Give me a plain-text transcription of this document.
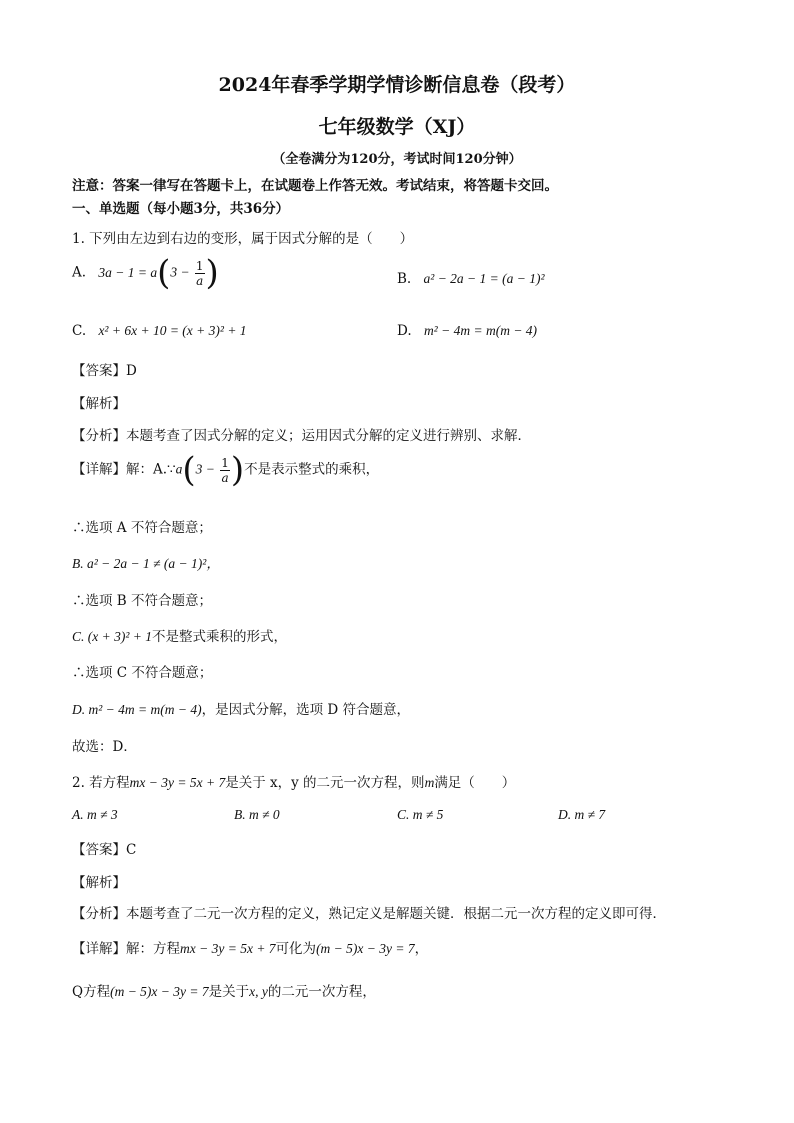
2024年春季学期学情诊断信息卷（段考）
七年级数学（XJ）
（全卷满分为120分，考试时间120分钟）
注意：答案一律写在答题卡上，在试题卷上作答无效。考试结束，将答题卡交回。
一、单选题（每小题3分，共36分）
1. 下列由左边到右边的变形，属于因式分解的是（　　）
A. $3a - 1 = a(3 - \frac{1}{a}$ )	B. a² − 2a − 1 = (a − 1)²
C. x² + 6x + 10 = (x + 3)² + 1	D. m² − 4m = m(m − 4)
【答案】D
【解析】
【分析】本题考查了因式分解的定义；运用因式分解的定义进行辨别、求解．
【详解】解：A.∵a(3 − $\frac{1}{a}$ )不是表示整式的乘积，
∴选项 A 不符合题意；
B. a² − 2a − 1 ≠ (a − 1)²，
∴选项 B 不符合题意；
C. (x + 3)² + 1不是整式乘积的形式，
∴选项 C 不符合题意；
D. m² − 4m = m(m − 4)，是因式分解，选项 D 符合题意，
故选：D．
2. 若方程mx − 3y = 5x + 7是关于 x，y 的二元一次方程，则m满足（　　）
A. m ≠ 3	B. m ≠ 0	C. m ≠ 5	D. m ≠ 7
【答案】C
【解析】
【分析】本题考查了二元一次方程的定义，熟记定义是解题关键．根据二元一次方程的定义即可得．
【详解】解：方程mx − 3y = 5x + 7可化为(m − 5)x − 3y = 7，
Q方程(m − 5)x − 3y = 7是关于x, y的二元一次方程，
